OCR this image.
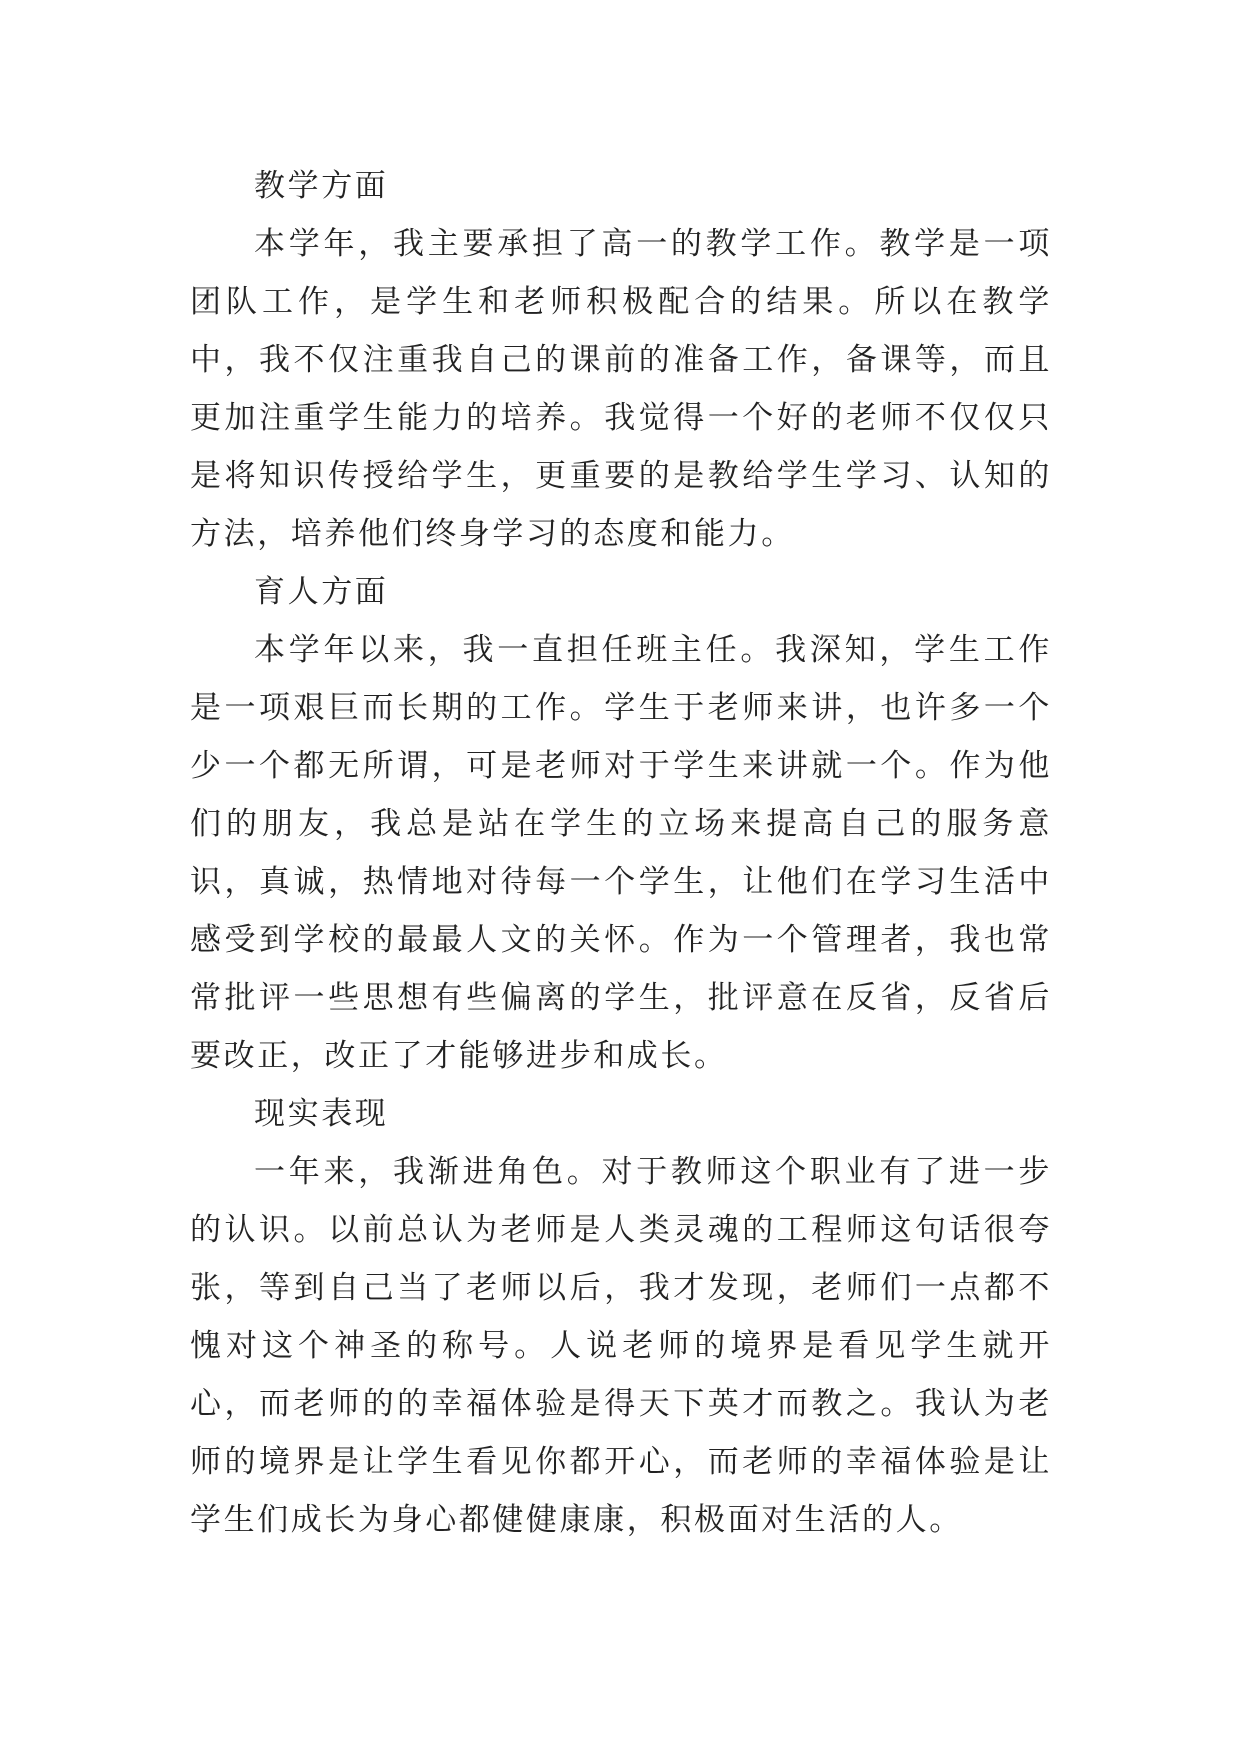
教学方面

本学年，我主要承担了高一的教学工作。教学是一项团队工作，是学生和老师积极配合的结果。所以在教学中，我不仅注重我自己的课前的准备工作，备课等，而且更加注重学生能力的培养。我觉得一个好的老师不仅仅只是将知识传授给学生，更重要的是教给学生学习、认知的方法，培养他们终身学习的态度和能力。

育人方面

本学年以来，我一直担任班主任。我深知，学生工作是一项艰巨而长期的工作。学生于老师来讲，也许多一个少一个都无所谓，可是老师对于学生来讲就一个。作为他们的朋友，我总是站在学生的立场来提高自己的服务意识，真诚，热情地对待每一个学生，让他们在学习生活中感受到学校的最最人文的关怀。作为一个管理者，我也常常批评一些思想有些偏离的学生，批评意在反省，反省后要改正，改正了才能够进步和成长。

现实表现

一年来，我渐进角色。对于教师这个职业有了进一步的认识。以前总认为老师是人类灵魂的工程师这句话很夸张，等到自己当了老师以后，我才发现，老师们一点都不愧对这个神圣的称号。人说老师的境界是看见学生就开心，而老师的的幸福体验是得天下英才而教之。我认为老师的境界是让学生看见你都开心，而老师的幸福体验是让学生们成长为身心都健健康康，积极面对生活的人。
